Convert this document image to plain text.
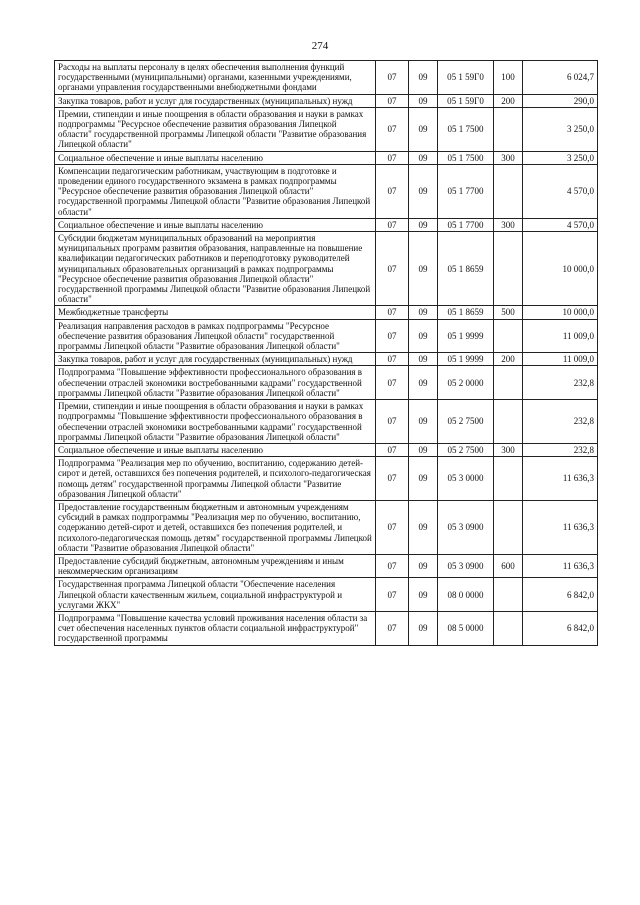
274
Расходы на выплаты персоналу в целях обеспечения выполнения функций государственными (муниципальными) органами, казенными учреждениями, органами управления государственными внебюджетными фондами	07	09	05 1 59Г0	100	6 024,7
Закупка товаров, работ и услуг для государственных (муниципальных) нужд	07	09	05 1 59Г0	200	290,0
Премии, стипендии и иные поощрения в области образования и науки в рамках подпрограммы "Ресурсное обеспечение развития образования Липецкой области" государственной программы Липецкой области "Развитие образования Липецкой области"	07	09	05 1 7500		3 250,0
Социальное обеспечение и иные выплаты населению	07	09	05 1 7500	300	3 250,0
Компенсации педагогическим работникам, участвующим в подготовке и проведении единого государственного экзамена в рамках подпрограммы "Ресурсное обеспечение развития образования Липецкой области" государственной программы Липецкой области "Развитие образования Липецкой области"	07	09	05 1 7700		4 570,0
Социальное обеспечение и иные выплаты населению	07	09	05 1 7700	300	4 570,0
Субсидии бюджетам муниципальных образований на мероприятия муниципальных программ развития образования, направленные на повышение квалификации педагогических работников и переподготовку руководителей муниципальных образовательных организаций в рамках подпрограммы "Ресурсное обеспечение развития образования Липецкой области" государственной программы Липецкой области "Развитие образования Липецкой области"	07	09	05 1 8659		10 000,0
Межбюджетные трансферты	07	09	05 1 8659	500	10 000,0
Реализация направления расходов в рамках подпрограммы "Ресурсное обеспечение развития образования Липецкой области" государственной программы Липецкой области "Развитие образования Липецкой области"	07	09	05 1 9999		11 009,0
Закупка товаров, работ и услуг для государственных (муниципальных) нужд	07	09	05 1 9999	200	11 009,0
Подпрограмма "Повышение эффективности профессионального образования в обеспечении отраслей экономики востребованными кадрами" государственной программы Липецкой области "Развитие образования Липецкой области"	07	09	05 2 0000		232,8
Премии, стипендии и иные поощрения в области образования и науки в рамках подпрограммы "Повышение эффективности профессионального образования в обеспечении отраслей экономики востребованными кадрами" государственной программы Липецкой области "Развитие образования Липецкой области"	07	09	05 2 7500		232,8
Социальное обеспечение и иные выплаты населению	07	09	05 2 7500	300	232,8
Подпрограмма "Реализация мер по обучению, воспитанию, содержанию детей-сирот и детей, оставшихся без попечения родителей, и психолого-педагогическая помощь детям" государственной программы Липецкой области "Развитие образования Липецкой области"	07	09	05 3 0000		11 636,3
Предоставление государственным бюджетным и автономным учреждениям субсидий в рамках подпрограммы "Реализация мер по обучению, воспитанию, содержанию детей-сирот и детей, оставшихся без попечения родителей, и психолого-педагогическая помощь детям" государственной программы Липецкой области "Развитие образования Липецкой области"	07	09	05 3 0900		11 636,3
Предоставление субсидий бюджетным, автономным учреждениям и иным некоммерческим организациям	07	09	05 3 0900	600	11 636,3
Государственная программа Липецкой области "Обеспечение населения Липецкой области качественным жильем, социальной инфраструктурой и услугами ЖКХ"	07	09	08 0 0000		6 842,0
Подпрограмма "Повышение качества условий проживания населения области за счет обеспечения населенных пунктов области социальной инфраструктурой" государственной программы	07	09	08 5 0000		6 842,0
